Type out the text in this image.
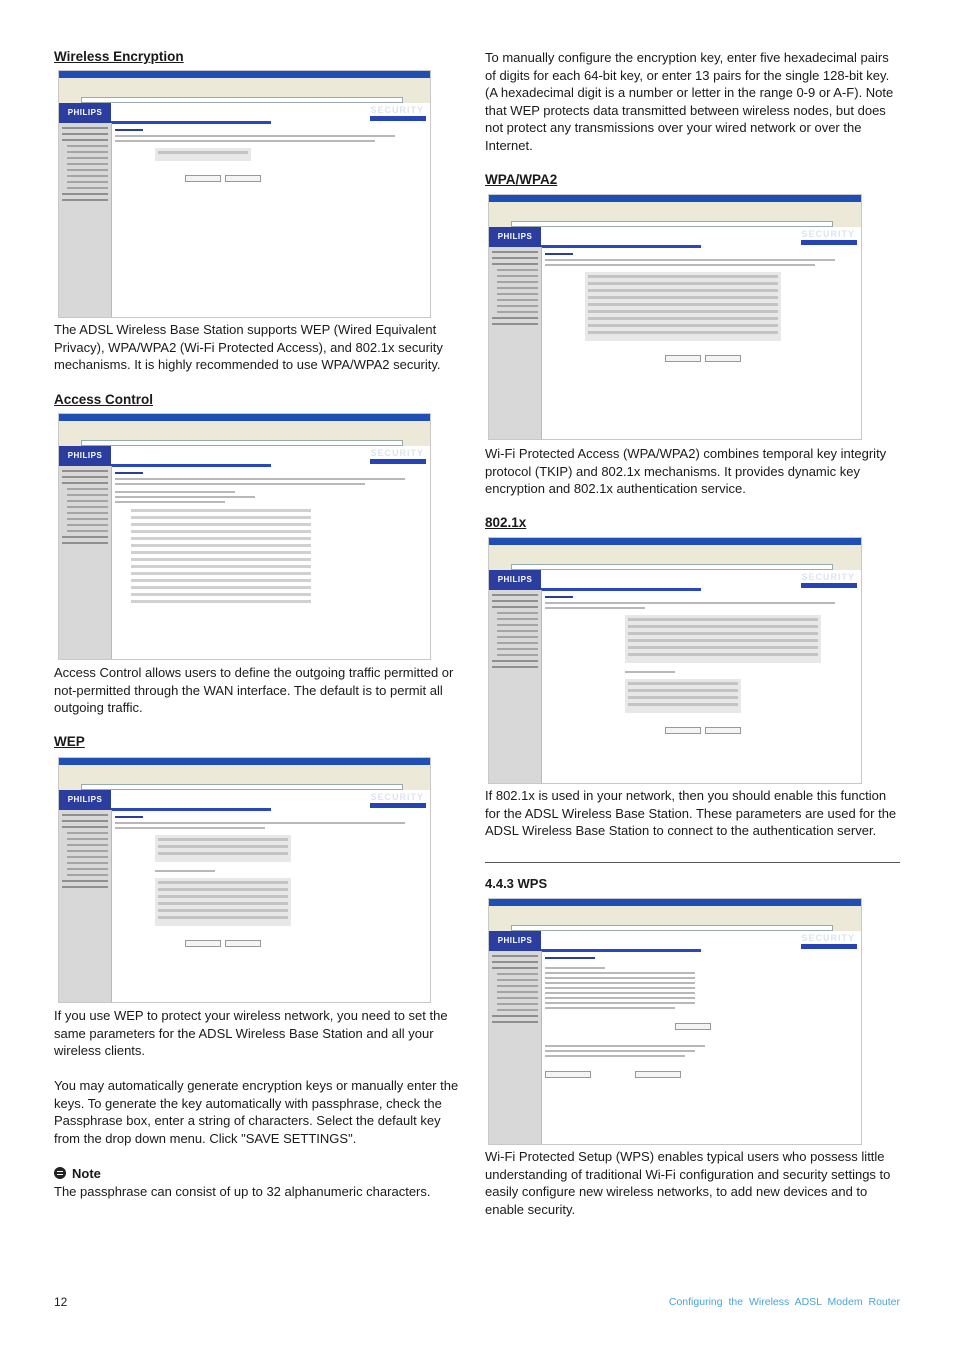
Wireless Encryption
PHILIPS	SECURITY

The ADSL Wireless Base Station supports WEP (Wired Equivalent Privacy), WPA/WPA2 (Wi-Fi Protected Access), and 802.1x security mechanisms. It is highly recommended to use WPA/WPA2 security.

Access Control
PHILIPS	SECURITY

Access Control allows users to define the outgoing traffic permitted or not-permitted through the WAN interface. The default is to permit all outgoing traffic.

WEP
PHILIPS	SECURITY

If you use WEP to protect your wireless network, you need to set the same parameters for the ADSL Wireless Base Station and all your wireless clients.

You may automatically generate encryption keys or manually enter the keys. To generate the key automatically with passphrase, check the Passphrase box, enter a string of characters. Select the default key from the drop down menu. Click "SAVE SETTINGS".

Note

The passphrase can consist of up to 32 alphanumeric characters.

To manually configure the encryption key, enter five hexadecimal pairs of digits for each 64-bit key, or enter 13 pairs for the single 128-bit key. (A hexadecimal digit is a number or letter in the range 0-9 or A-F). Note that WEP protects data transmitted between wireless nodes, but does not protect any transmissions over your wired network or over the Internet.

WPA/WPA2
PHILIPS	SECURITY

Wi-Fi Protected Access (WPA/WPA2) combines temporal key integrity protocol (TKIP) and 802.1x mechanisms. It provides dynamic key encryption and 802.1x authentication service.

802.1x
PHILIPS	SECURITY

If 802.1x is used in your network, then you should enable this function for the ADSL Wireless Base Station. These parameters are used for the ADSL Wireless Base Station to connect to the authentication server.

4.4.3 WPS
PHILIPS	SECURITY

Wi-Fi Protected Setup (WPS) enables typical users who possess little understanding of traditional Wi-Fi configuration and security settings to easily configure new wireless networks, to add new devices and to enable security.

12	Configuring the Wireless ADSL Modem Router
